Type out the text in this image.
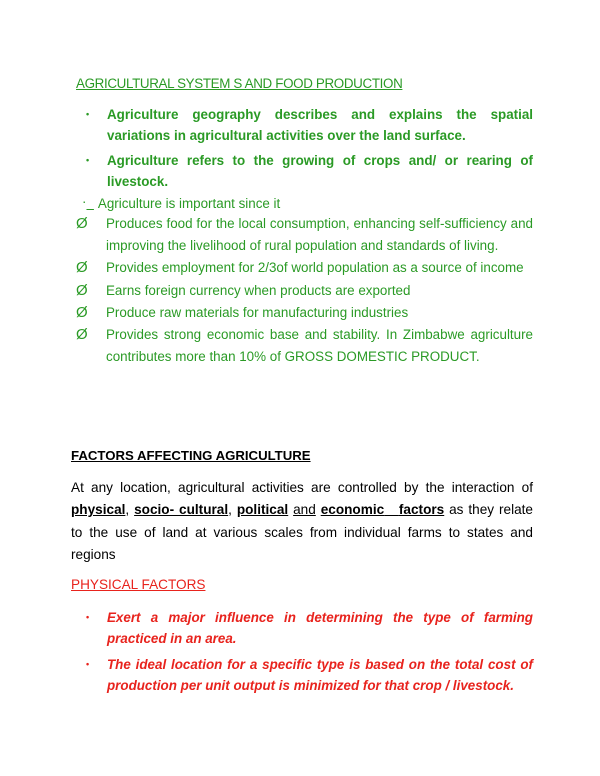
AGRICULTURAL SYSTEM S AND FOOD PRODUCTION
• Agriculture geography describes and explains the spatial variations in agricultural activities over the land surface.
• Agriculture refers to the growing of crops and/ or rearing of livestock.
· Agriculture is important since it
Ø Produces food for the local consumption, enhancing self-sufficiency and improving the livelihood of rural population and standards of living.
Ø Provides employment for 2/3of world population as a source of income
Ø Earns foreign currency when products are exported
Ø Produce raw materials for manufacturing industries
Ø Provides strong economic base and stability. In Zimbabwe agriculture contributes more than 10% of GROSS DOMESTIC PRODUCT.
FACTORS AFFECTING AGRICULTURE
At any location, agricultural activities are controlled by the interaction of physical, socio- cultural, political and economic factors as they relate to the use of land at various scales from individual farms to states and regions
PHYSICAL FACTORS
• Exert a major influence in determining the type of farming practiced in an area.
• The ideal location for a specific type is based on the total cost of production per unit output is minimized for that crop / livestock.
